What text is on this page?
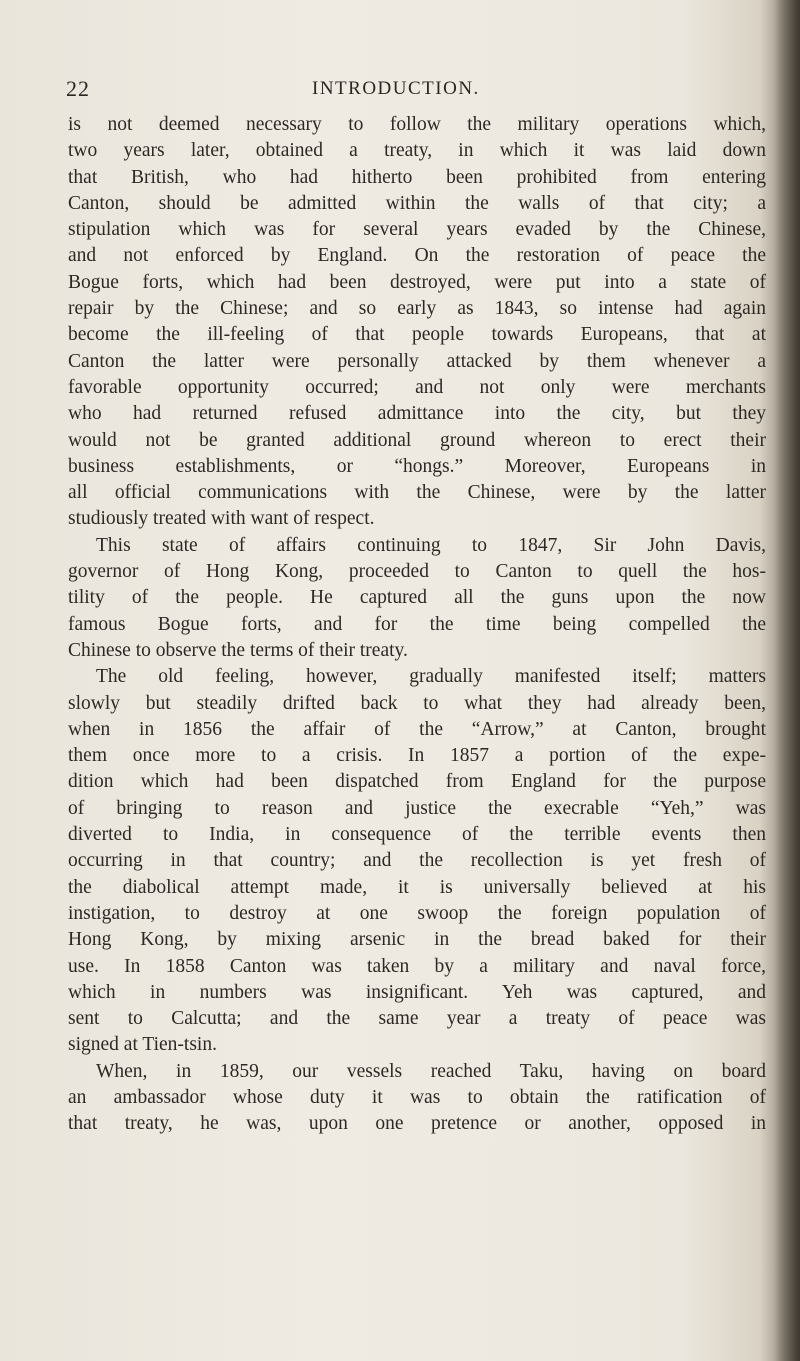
22	INTRODUCTION.
is not deemed necessary to follow the military operations which,
two years later, obtained a treaty, in which it was laid down
that British, who had hitherto been prohibited from entering
Canton, should be admitted within the walls of that city; a
stipulation which was for several years evaded by the Chinese,
and not enforced by England. On the restoration of peace the
Bogue forts, which had been destroyed, were put into a state of
repair by the Chinese; and so early as 1843, so intense had again
become the ill-feeling of that people towards Europeans, that at
Canton the latter were personally attacked by them whenever a
favorable opportunity occurred; and not only were merchants
who had returned refused admittance into the city, but they
would not be granted additional ground whereon to erect their
business establishments, or “hongs.” Moreover, Europeans in
all official communications with the Chinese, were by the latter
studiously treated with want of respect.
This state of affairs continuing to 1847, Sir John Davis,
governor of Hong Kong, proceeded to Canton to quell the hos-
tility of the people. He captured all the guns upon the now
famous Bogue forts, and for the time being compelled the
Chinese to observe the terms of their treaty.
The old feeling, however, gradually manifested itself; matters
slowly but steadily drifted back to what they had already been,
when in 1856 the affair of the “Arrow,” at Canton, brought
them once more to a crisis. In 1857 a portion of the expe-
dition which had been dispatched from England for the purpose
of bringing to reason and justice the execrable “Yeh,” was
diverted to India, in consequence of the terrible events then
occurring in that country; and the recollection is yet fresh of
the diabolical attempt made, it is universally believed at his
instigation, to destroy at one swoop the foreign population of
Hong Kong, by mixing arsenic in the bread baked for their
use. In 1858 Canton was taken by a military and naval force,
which in numbers was insignificant. Yeh was captured, and
sent to Calcutta; and the same year a treaty of peace was
signed at Tien-tsin.
When, in 1859, our vessels reached Taku, having on board
an ambassador whose duty it was to obtain the ratification of
that treaty, he was, upon one pretence or another, opposed in
